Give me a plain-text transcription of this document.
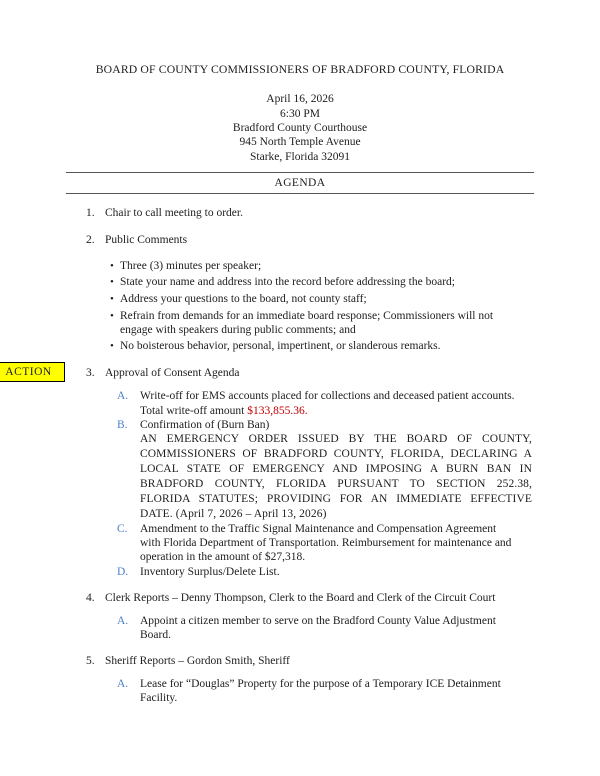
BOARD OF COUNTY COMMISSIONERS OF BRADFORD COUNTY, FLORIDA
April 16, 2026
6:30 PM
Bradford County Courthouse
945 North Temple Avenue
Starke, Florida 32091
AGENDA
1. Chair to call meeting to order.
2. Public Comments
•
Three (3) minutes per speaker;
•
State your name and address into the record before addressing the board;
•
Address your questions to the board, not county staff;
•
Refrain from demands for an immediate board response; Commissioners will not
engage with speakers during public comments; and
•
No boisterous behavior, personal, impertinent, or slanderous remarks.
ACTION	3. Approval of Consent Agenda
A.	Write-off for EMS accounts placed for collections and deceased patient accounts.
Total write-off amount $133,855.36.
B.	Confirmation of (Burn Ban)
AN EMERGENCY ORDER ISSUED BY THE BOARD OF COUNTY,
COMMISSIONERS OF BRADFORD COUNTY, FLORIDA, DECLARING A
LOCAL STATE OF EMERGENCY AND IMPOSING A BURN BAN IN
BRADFORD COUNTY, FLORIDA PURSUANT TO SECTION 252.38,
FLORIDA STATUTES; PROVIDING FOR AN IMMEDIATE EFFECTIVE
DATE. (April 7, 2026 – April 13, 2026)
C.	Amendment to the Traffic Signal Maintenance and Compensation Agreement
with Florida Department of Transportation. Reimbursement for maintenance and
operation in the amount of $27,318.
D.	Inventory Surplus/Delete List.
4. Clerk Reports – Denny Thompson, Clerk to the Board and Clerk of the Circuit Court
A.	Appoint a citizen member to serve on the Bradford County Value Adjustment
Board.
5. Sheriff Reports – Gordon Smith, Sheriff
A.	Lease for “Douglas” Property for the purpose of a Temporary ICE Detainment
Facility.
